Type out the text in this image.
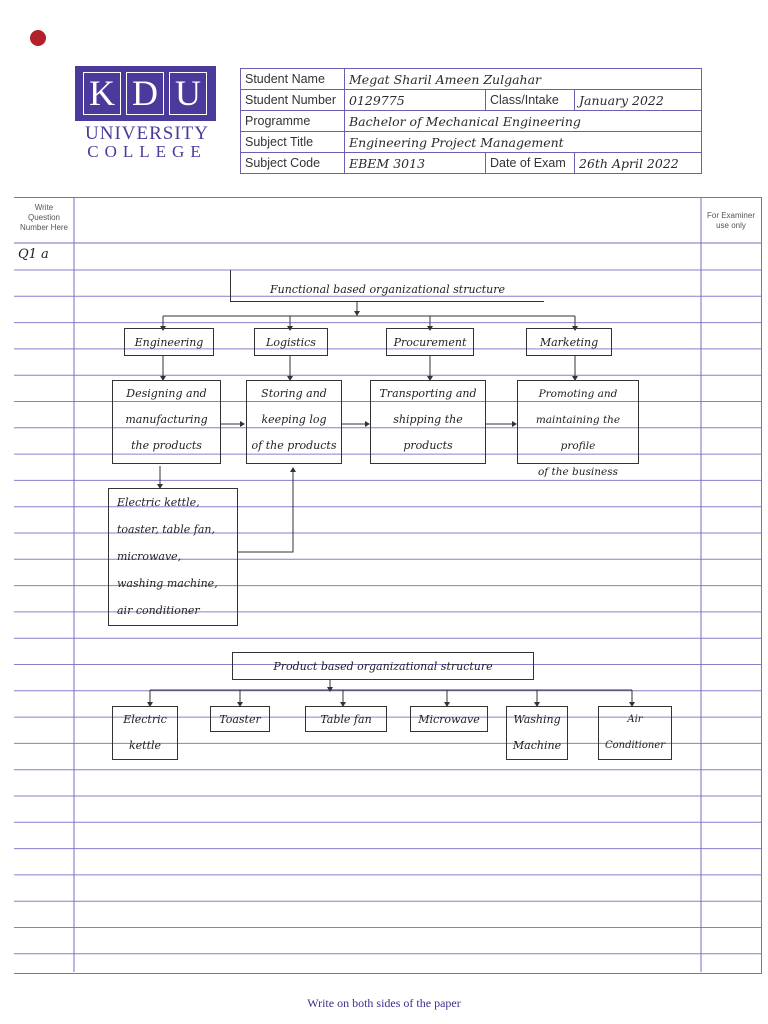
K D U
UNIVERSITY
COLLEGE
Student Name	Megat Sharil Ameen Zulgahar		
Student Number	0129775	Class/Intake	January 2022
Programme	Bachelor of Mechanical Engineering		
Subject Title	Engineering Project Management		
Subject Code	EBEM 3013	Date of Exam	26th April 2022
Write
Question
Number Here
For Examiner
use only
Q1 a
Functional based organizational structure
Engineering	Logistics	Procurement	Marketing
Designing and
manufacturing
the products
Storing and
keeping log
of the products
Transporting and
shipping the
products
Promoting and
maintaining the profile
of the business
Electric kettle,
toaster, table fan,
microwave,
washing machine,
air conditioner
Product based organizational structure
Electric
kettle
Toaster	Table fan	Microwave	Washing
Machine
Air
Conditioner
Write on both sides of the paper
